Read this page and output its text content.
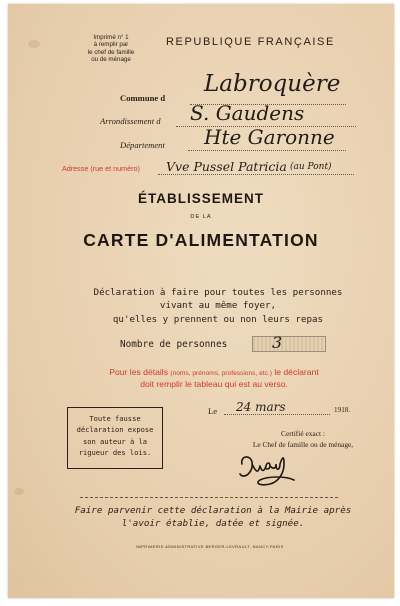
Imprimé n° 1
à remplir par
le chef de famille
ou de ménage
REPUBLIQUE FRANÇAISE
Commune d
Labroquère
Arrondissement d S. Gaudens
Département Hte Garonne
Adresse (rue et numéro) Vve Pussel Patricia (au Pont)
ÉTABLISSEMENT
DE LA
CARTE D'ALIMENTATION
Déclaration à faire pour toutes les personnes
vivant au même foyer,
qu'elles y prennent ou non leurs repas
Nombre de personnes	3
Pour les détails (noms, prénoms, professions, etc.) le déclarant
doit remplir le tableau qui est au verso.
Toute fausse
déclaration expose
son auteur à la
rigueur des lois.
Le 24 mars	1918.
Certifié exact :
Le Chef de famille ou de ménage,
Faire parvenir cette déclaration à la Mairie après
l'avoir établie, datée et signée.
IMPRIMERIE ADMINISTRATIVE BERGER-LEVRAULT, NANCY-PARIS
